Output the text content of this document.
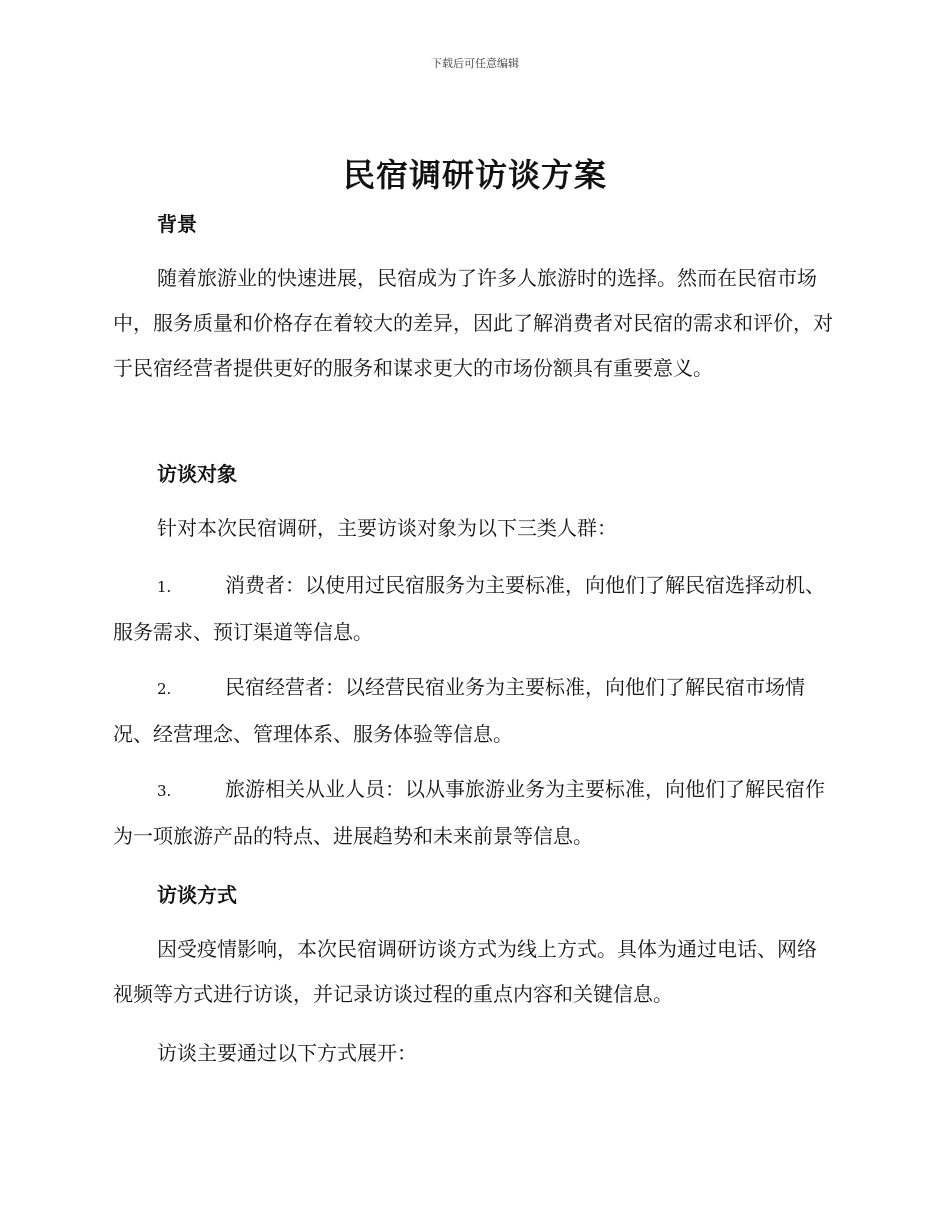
下载后可任意编辑
民宿调研访谈方案
背景
随着旅游业的快速进展，民宿成为了许多人旅游时的选择。然而在民宿市场中，服务质量和价格存在着较大的差异，因此了解消费者对民宿的需求和评价，对于民宿经营者提供更好的服务和谋求更大的市场份额具有重要意义。
访谈对象
针对本次民宿调研，主要访谈对象为以下三类人群：
1.	消费者：以使用过民宿服务为主要标准，向他们了解民宿选择动机、服务需求、预订渠道等信息。
2.	民宿经营者：以经营民宿业务为主要标准，向他们了解民宿市场情况、经营理念、管理体系、服务体验等信息。
3.	旅游相关从业人员：以从事旅游业务为主要标准，向他们了解民宿作为一项旅游产品的特点、进展趋势和未来前景等信息。
访谈方式
因受疫情影响，本次民宿调研访谈方式为线上方式。具体为通过电话、网络视频等方式进行访谈，并记录访谈过程的重点内容和关键信息。
访谈主要通过以下方式展开：
